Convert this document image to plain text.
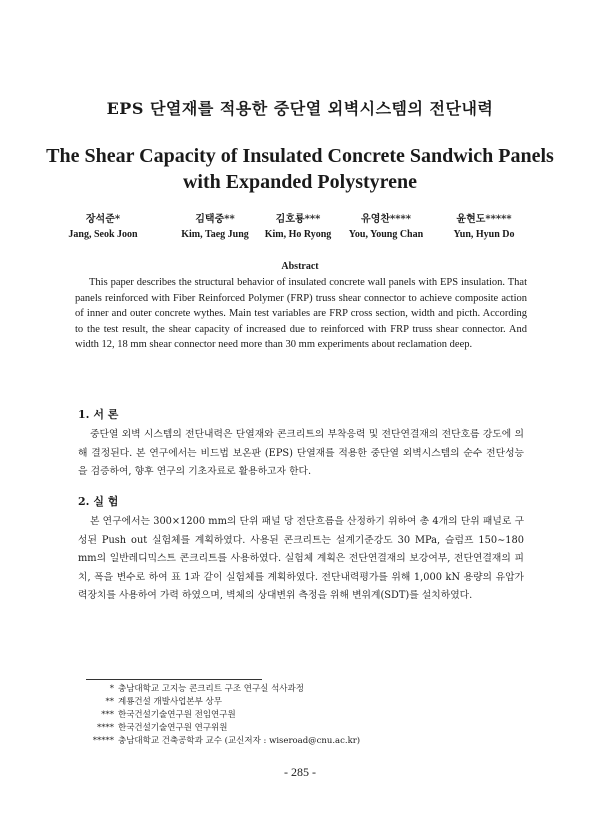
EPS 단열재를 적용한 중단열 외벽시스템의 전단내력
The Shear Capacity of Insulated Concrete Sandwich Panels with Expanded Polystyrene
장석준*
Jang, Seok Joon
김택중**
Kim, Taeg Jung
김호룡***
Kim, Ho Ryong
유영찬****
You, Young Chan
윤현도*****
Yun, Hyun Do
Abstract

This paper describes the structural behavior of insulated concrete wall panels with EPS insulation. That panels reinforced with Fiber Reinforced Polymer (FRP) truss shear connector to achieve composite action of inner and outer concrete wythes. Main test variables are FRP cross section, width and picth. According to the test result, the shear capacity of increased due to reinforced with FRP truss shear connector. And width 12, 18 mm shear connector need more than 30 mm experiments about reclamation deep.

1. 서 론

중단열 외벽 시스템의 전단내력은 단열재와 콘크리트의 부착응력 및 전단연결재의 전단호름 강도에 의해 결정된다. 본 연구에서는 비드법 보온판 (EPS) 단열재를 적용한 중단열 외벽시스템의 순수 전단성능을 검증하여, 향후 연구의 기초자료로 활용하고자 한다.

2. 실 험

본 연구에서는 300×1200 mm의 단위 패널 당 전단흐름을 산정하기 위하여 총 4개의 단위 패널로 구성된 Push out 실험체를 계획하였다. 사용된 콘크리트는 설계기준강도 30 MPa, 슬럼프 150∼180 mm의 일반레디믹스트 콘크리트를 사용하였다. 실험체 계획은 전단연결재의 보강여부, 전단연결재의 피치, 폭을 변수로 하여 표 1과 같이 실험체를 계획하였다. 전단내력평가를 위해 1,000 kN 용량의 유압가력장치를 사용하여 가력 하였으며, 벽체의 상대변위 측정을 위해 변위계(SDT)를 설치하였다.

* 충남대학교 고지능 콘크리트 구조 연구실 석사과정
** 계룡건설 개발사업본부 상무
*** 한국건설기술연구원 전임연구원
**** 한국건설기술연구원 연구위원
***** 충남대학교 건축공학과 교수 (교신저자 : wiseroad@cnu.ac.kr)
- 285 -
